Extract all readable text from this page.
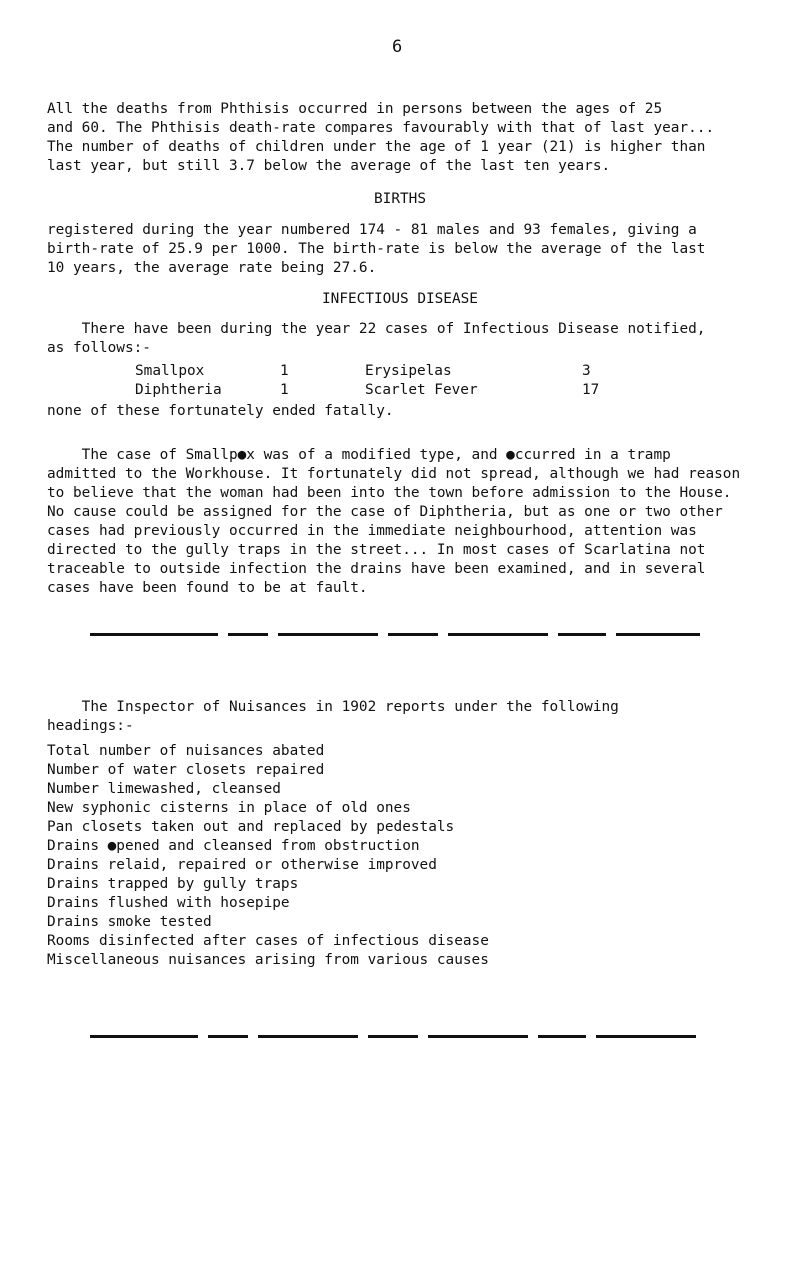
6
All the deaths from Phthisis occurred in persons between the ages of 25
and 60. The Phthisis death-rate compares favourably with that of last year...
The number of deaths of children under the age of 1 year (21) is higher than
last year, but still 3.7 below the average of the last ten years.
BIRTHS
registered during the year numbered 174 - 81 males and 93 females, giving a
birth-rate of 25.9 per 1000. The birth-rate is below the average of the last
10 years, the average rate being 27.6.
INFECTIOUS DISEASE
There have been during the year 22 cases of Infectious Disease notified,
as follows:-
Smallpox	1	Erysipelas	3
Diphtheria	1	Scarlet Fever	17
none of these fortunately ended fatally.
The case of Smallp●x was of a modified type, and ●ccurred in a tramp
admitted to the Workhouse. It fortunately did not spread, although we had reason
to believe that the woman had been into the town before admission to the House.
No cause could be assigned for the case of Diphtheria, but as one or two other
cases had previously occurred in the immediate neighbourhood, attention was
directed to the gully traps in the street... In most cases of Scarlatina not
traceable to outside infection the drains have been examined, and in several
cases have been found to be at fault.
The Inspector of Nuisances in 1902 reports under the following
headings:-
Total number of nuisances abated
Number of water closets repaired
Number limewashed, cleansed
New syphonic cisterns in place of old ones
Pan closets taken out and replaced by pedestals
Drains ●pened and cleansed from obstruction
Drains relaid, repaired or otherwise improved
Drains trapped by gully traps
Drains flushed with hosepipe
Drains smoke tested
Rooms disinfected after cases of infectious disease
Miscellaneous nuisances arising from various causes
